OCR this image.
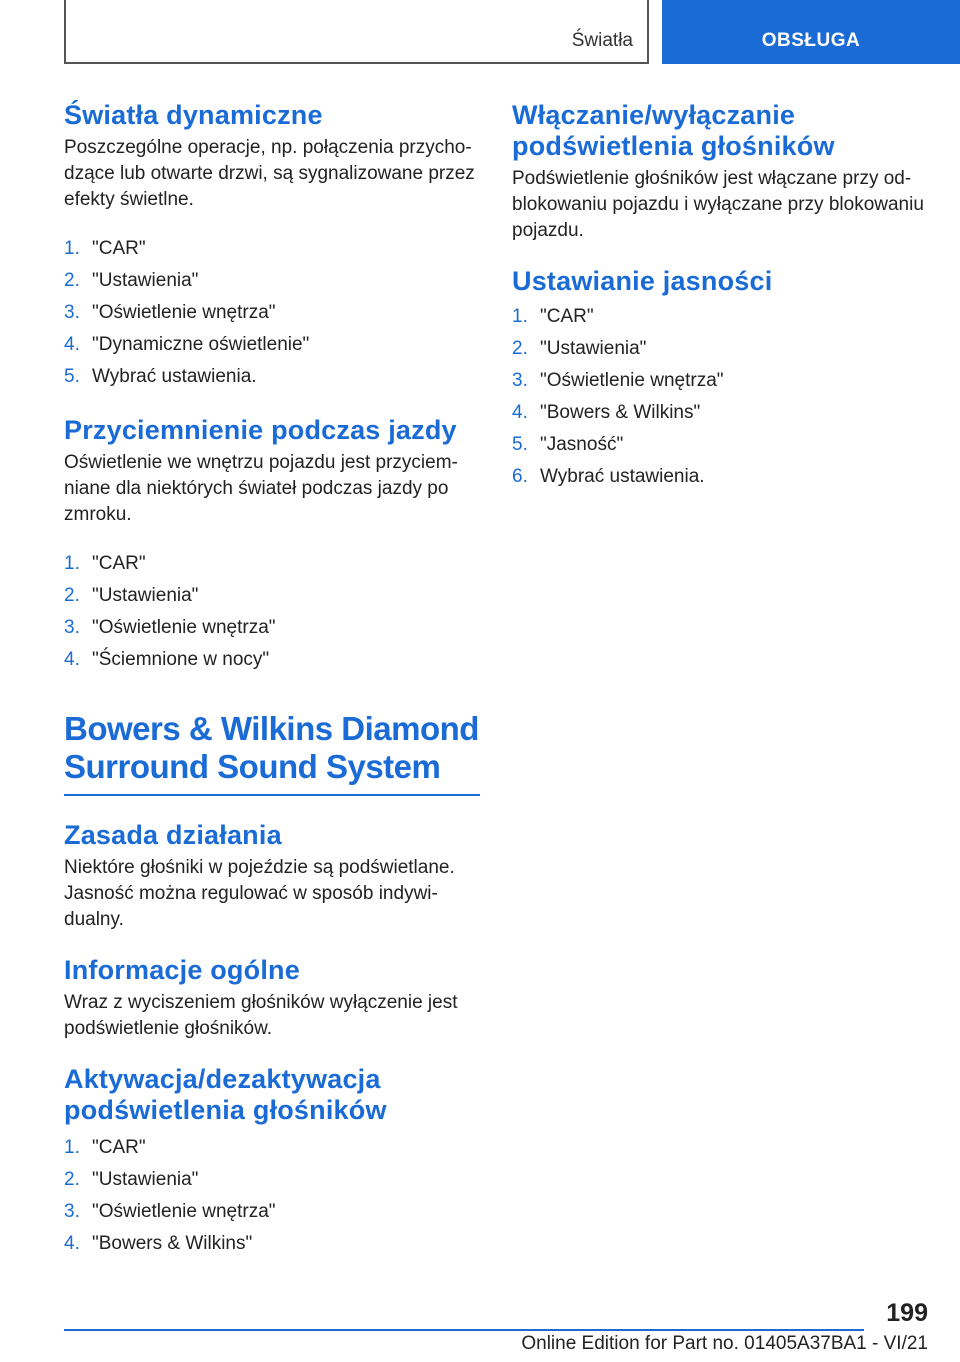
Światła	OBSŁUGA
Światła dynamiczne

Poszczególne operacje, np. połączenia przycho-dzące lub otwarte drzwi, są sygnalizowane przez efekty świetlne.

1. "CAR"
2. "Ustawienia"
3. "Oświetlenie wnętrza"
4. "Dynamiczne oświetlenie"
5. Wybrać ustawienia.
Przyciemnienie podczas jazdy

Oświetlenie we wnętrzu pojazdu jest przyciem-niane dla niektórych świateł podczas jazdy po zmroku.

1. "CAR"
2. "Ustawienia"
3. "Oświetlenie wnętrza"
4. "Ściemnione w nocy"
Bowers & Wilkins Diamond Surround Sound System
Zasada działania

Niektóre głośniki w pojeździe są podświetlane. Jasność można regulować w sposób indywi-dualny.

Informacje ogólne

Wraz z wyciszeniem głośników wyłączenie jest podświetlenie głośników.

Aktywacja/dezaktywacja podświetlenia głośników
1. "CAR"
2. "Ustawienia"
3. "Oświetlenie wnętrza"
4. "Bowers & Wilkins"
Włączanie/wyłączanie podświetlenia głośników

Podświetlenie głośników jest włączane przy od-blokowaniu pojazdu i wyłączane przy blokowaniu pojazdu.

Ustawianie jasności
1. "CAR"
2. "Ustawienia"
3. "Oświetlenie wnętrza"
4. "Bowers & Wilkins"
5. "Jasność"
6. Wybrać ustawienia.
199
Online Edition for Part no. 01405A37BA1 - VI/21
